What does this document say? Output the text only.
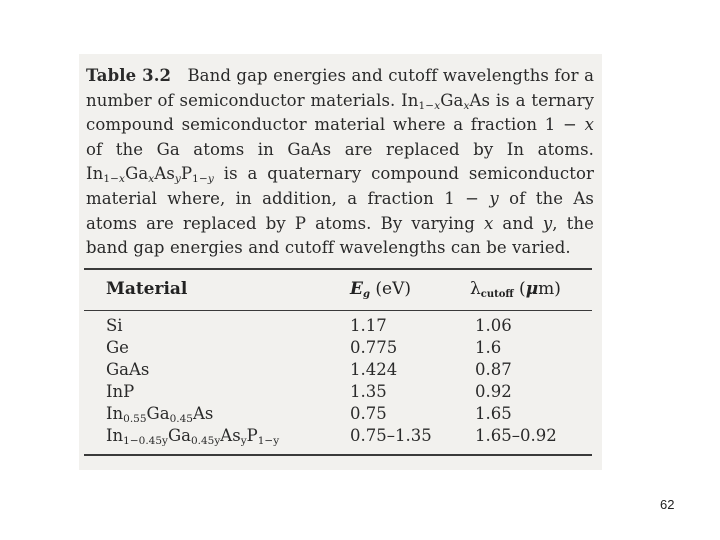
Table 3.2 Band gap energies and cutoff wavelengths for a number of semiconductor materials. $In_{1-x}Ga_xAs$ is a ternary compound semiconductor material where a fraction 1 − x of the Ga atoms in GaAs are replaced by In atoms. $In_{1-x}Ga_xAs_yP_{1-y}$ is a quaternary compound semiconductor material where, in addition, a fraction 1 − y of the As atoms are replaced by P atoms. By varying x and y, the band gap energies and cutoff wavelengths can be varied.
Material	$E_g$ (eV)	$\lambda_{cutoff}$ (μm)
Si	1.17	1.06
Ge	0.775	1.6
GaAs	1.424	0.87
InP	1.35	0.92
$In_{0.55}Ga_{0.45}As$	0.75	1.65
$In_{1-0.45y}Ga_{0.45y}As_yP_{1-y}$	0.75–1.35	1.65–0.92
62
